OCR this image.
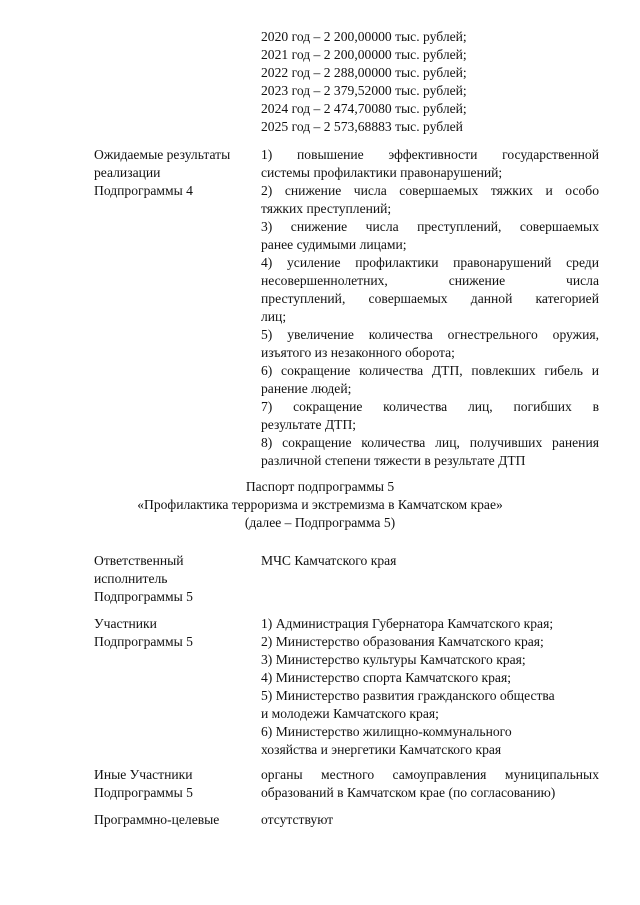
2020 год – 2 200,00000 тыс. рублей;
2021 год – 2 200,00000 тыс. рублей;
2022 год – 2 288,00000 тыс. рублей;
2023 год – 2 379,52000 тыс. рублей;
2024 год – 2 474,70080 тыс. рублей;
2025 год – 2 573,68883 тыс. рублей
Ожидаемые результаты
реализации
Подпрограммы 4
1) повышение эффективности государственной
системы профилактики правонарушений;
2) снижение числа совершаемых тяжких и особо
тяжких преступлений;
3) снижение числа преступлений, совершаемых
ранее судимыми лицами;
4) усиление профилактики правонарушений среди
несовершеннолетних, снижение числа
преступлений, совершаемых данной категорией
лиц;
5) увеличение количества огнестрельного оружия,
изъятого из незаконного оборота;
6) сокращение количества ДТП, повлекших гибель и
ранение людей;
7) сокращение количества лиц, погибших в
результате ДТП;
8) сокращение количества лиц, получивших ранения
различной степени тяжести в результате ДТП
Паспорт подпрограммы 5
«Профилактика терроризма и экстремизма в Камчатском крае»
(далее – Подпрограмма 5)
Ответственный
исполнитель
Подпрограммы 5
МЧС Камчатского края
Участники
Подпрограммы 5
1) Администрация Губернатора Камчатского края;
2) Министерство образования Камчатского края;
3) Министерство культуры Камчатского края;
4) Министерство спорта Камчатского края;
5) Министерство развития гражданского общества
и молодежи Камчатского края;
6) Министерство жилищно-коммунального
хозяйства и энергетики Камчатского края
Иные Участники
Подпрограммы 5
органы местного самоуправления муниципальных
образований в Камчатском крае (по согласованию)
Программно-целевые	отсутствуют
